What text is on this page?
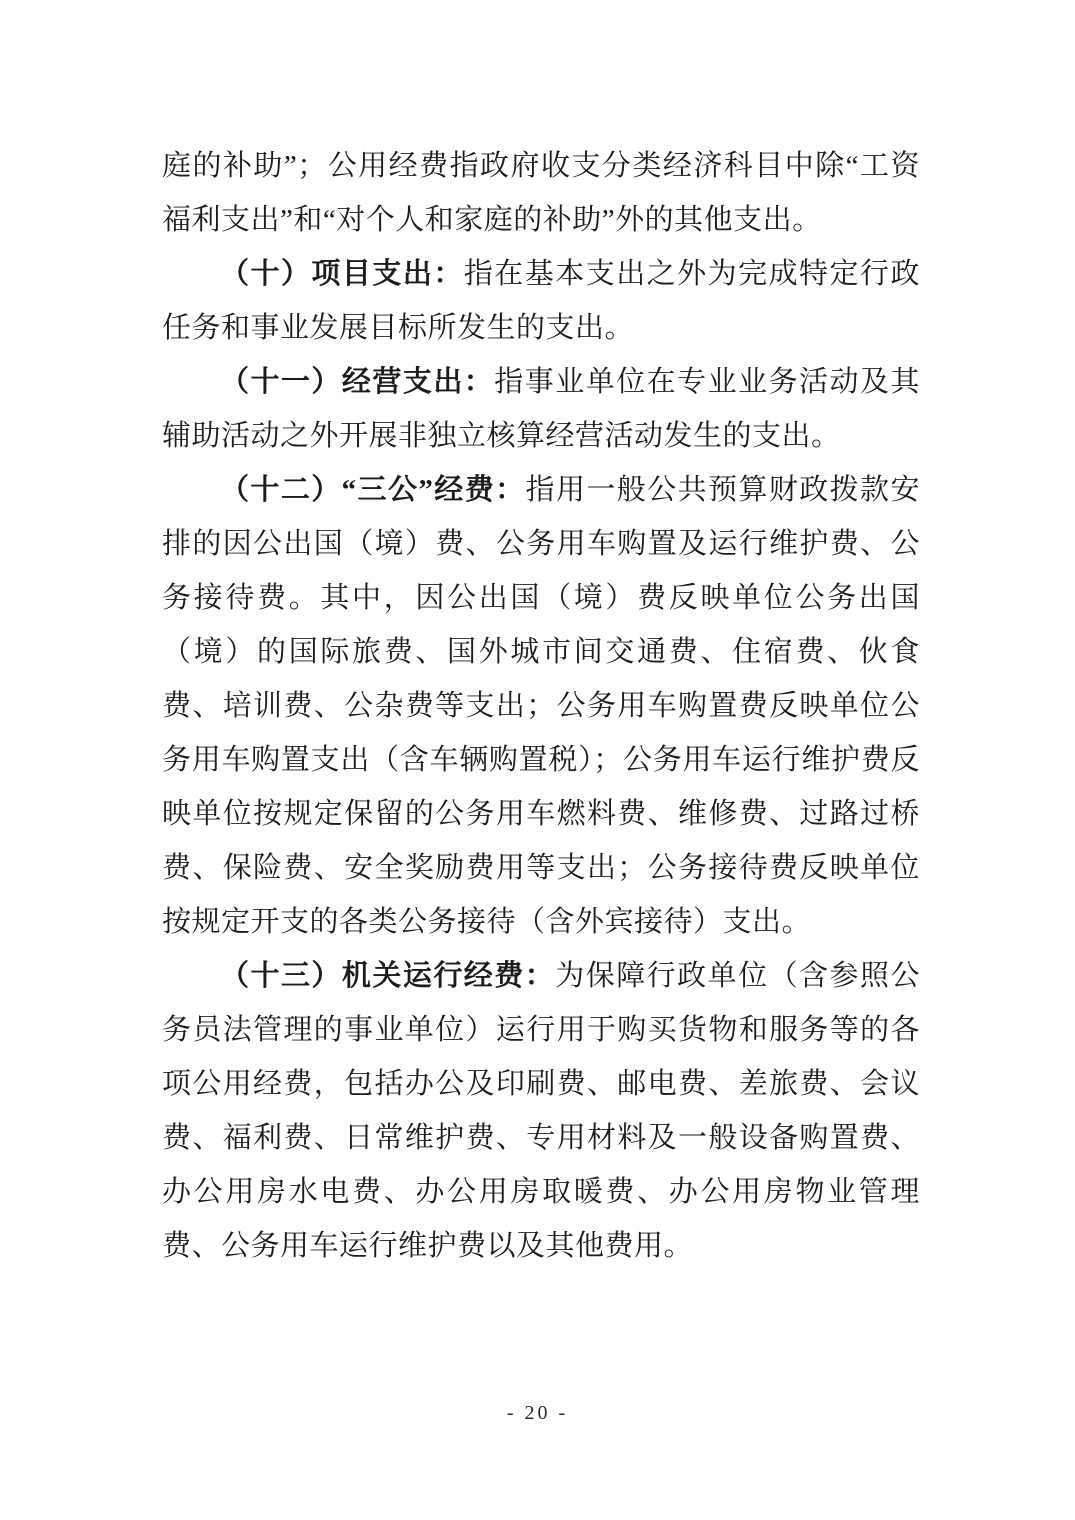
庭的补助”；公用经费指政府收支分类经济科目中除“工资福利支出”和“对个人和家庭的补助”外的其他支出。

（十）项目支出：指在基本支出之外为完成特定行政任务和事业发展目标所发生的支出。

（十一）经营支出：指事业单位在专业业务活动及其辅助活动之外开展非独立核算经营活动发生的支出。

（十二）“三公”经费：指用一般公共预算财政拨款安排的因公出国（境）费、公务用车购置及运行维护费、公务接待费。其中，因公出国（境）费反映单位公务出国（境）的国际旅费、国外城市间交通费、住宿费、伙食费、培训费、公杂费等支出；公务用车购置费反映单位公务用车购置支出（含车辆购置税）；公务用车运行维护费反映单位按规定保留的公务用车燃料费、维修费、过路过桥费、保险费、安全奖励费用等支出；公务接待费反映单位按规定开支的各类公务接待（含外宾接待）支出。

（十三）机关运行经费：为保障行政单位（含参照公务员法管理的事业单位）运行用于购买货物和服务等的各项公用经费，包括办公及印刷费、邮电费、差旅费、会议费、福利费、日常维护费、专用材料及一般设备购置费、办公用房水电费、办公用房取暖费、办公用房物业管理费、公务用车运行维护费以及其他费用。

- 20 -
